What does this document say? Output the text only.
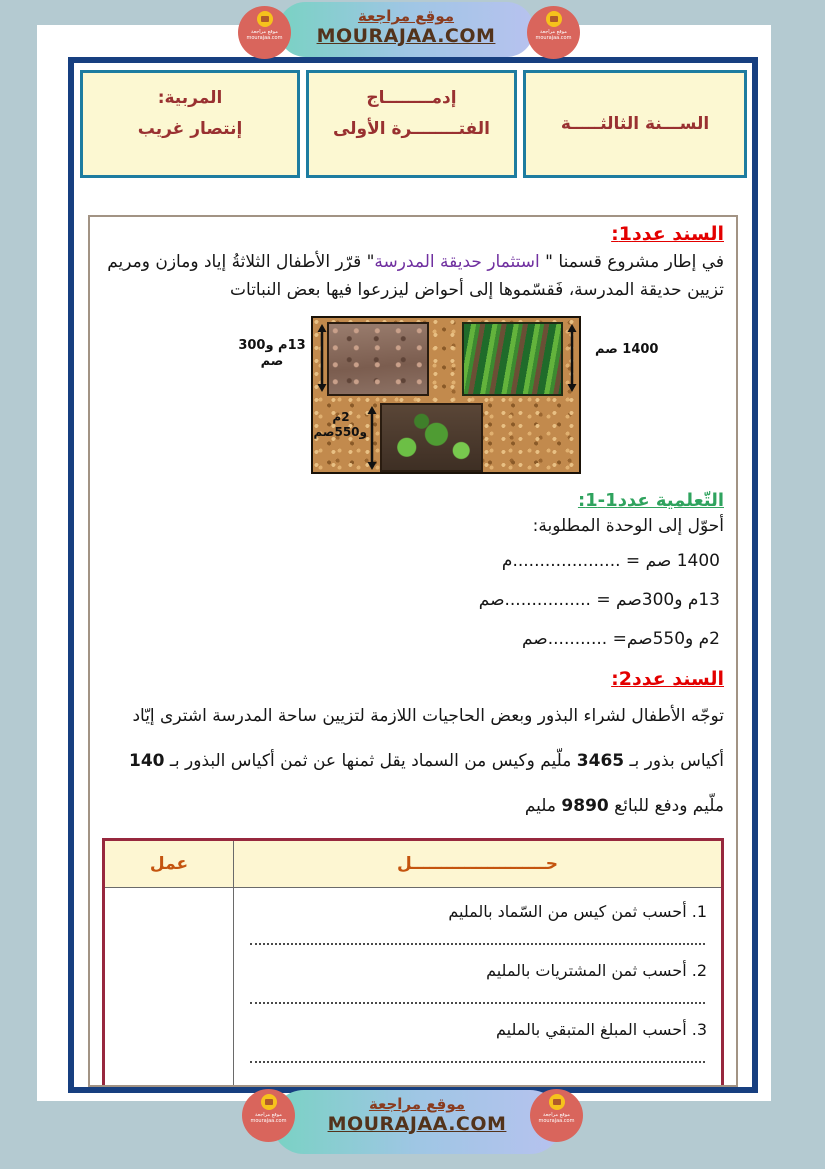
موقع مراجعة
MOURAJAA.COM
موقع مراجعة
mourajaa.com
موقع مراجعة
mourajaa.com
الســـنة الثالثـــــة
إدمــــــــاج
الفتــــــــرة الأولى
المربية:
إنتصار غريب
السند عدد1:

في إطار مشروع قسمنا " استثمار حديقة المدرسة" قرّر الأطفال الثلاثةُ إياد ومازن ومريم تزيين حديقة المدرسة، فَقسّموها إلى أحواض ليزرعوا فيها بعض النباتات

13م و300
صم
2م
و550صم
1400 صم
التّعلمية عدد1-1:

أحوّل إلى الوحدة المطلوبة:

1400 صم = ....................م
13م و300صم = ................صم
2م و550صم= ...........صم
السند عدد2:

توجّه الأطفال لشراء البذور وبعض الحاجيات اللازمة لتزيين ساحة المدرسة اشترى إيّاد أكياس بذور بـ 3465 ملّيم وكيس من السماد يقل ثمنها عن ثمن أكياس البذور بـ 140 ملّيم ودفع للبائع 9890 مليم

حـــــــــــــــــــــــل	عمل

1. أحسب ثمن كيس من السّماد بالمليم
2. أحسب ثمن المشتريات بالمليم
3. أحسب المبلغ المتبقي بالمليم	

موقع مراجعة
MOURAJAA.COM
موقع مراجعة
mourajaa.com
موقع مراجعة
mourajaa.com
